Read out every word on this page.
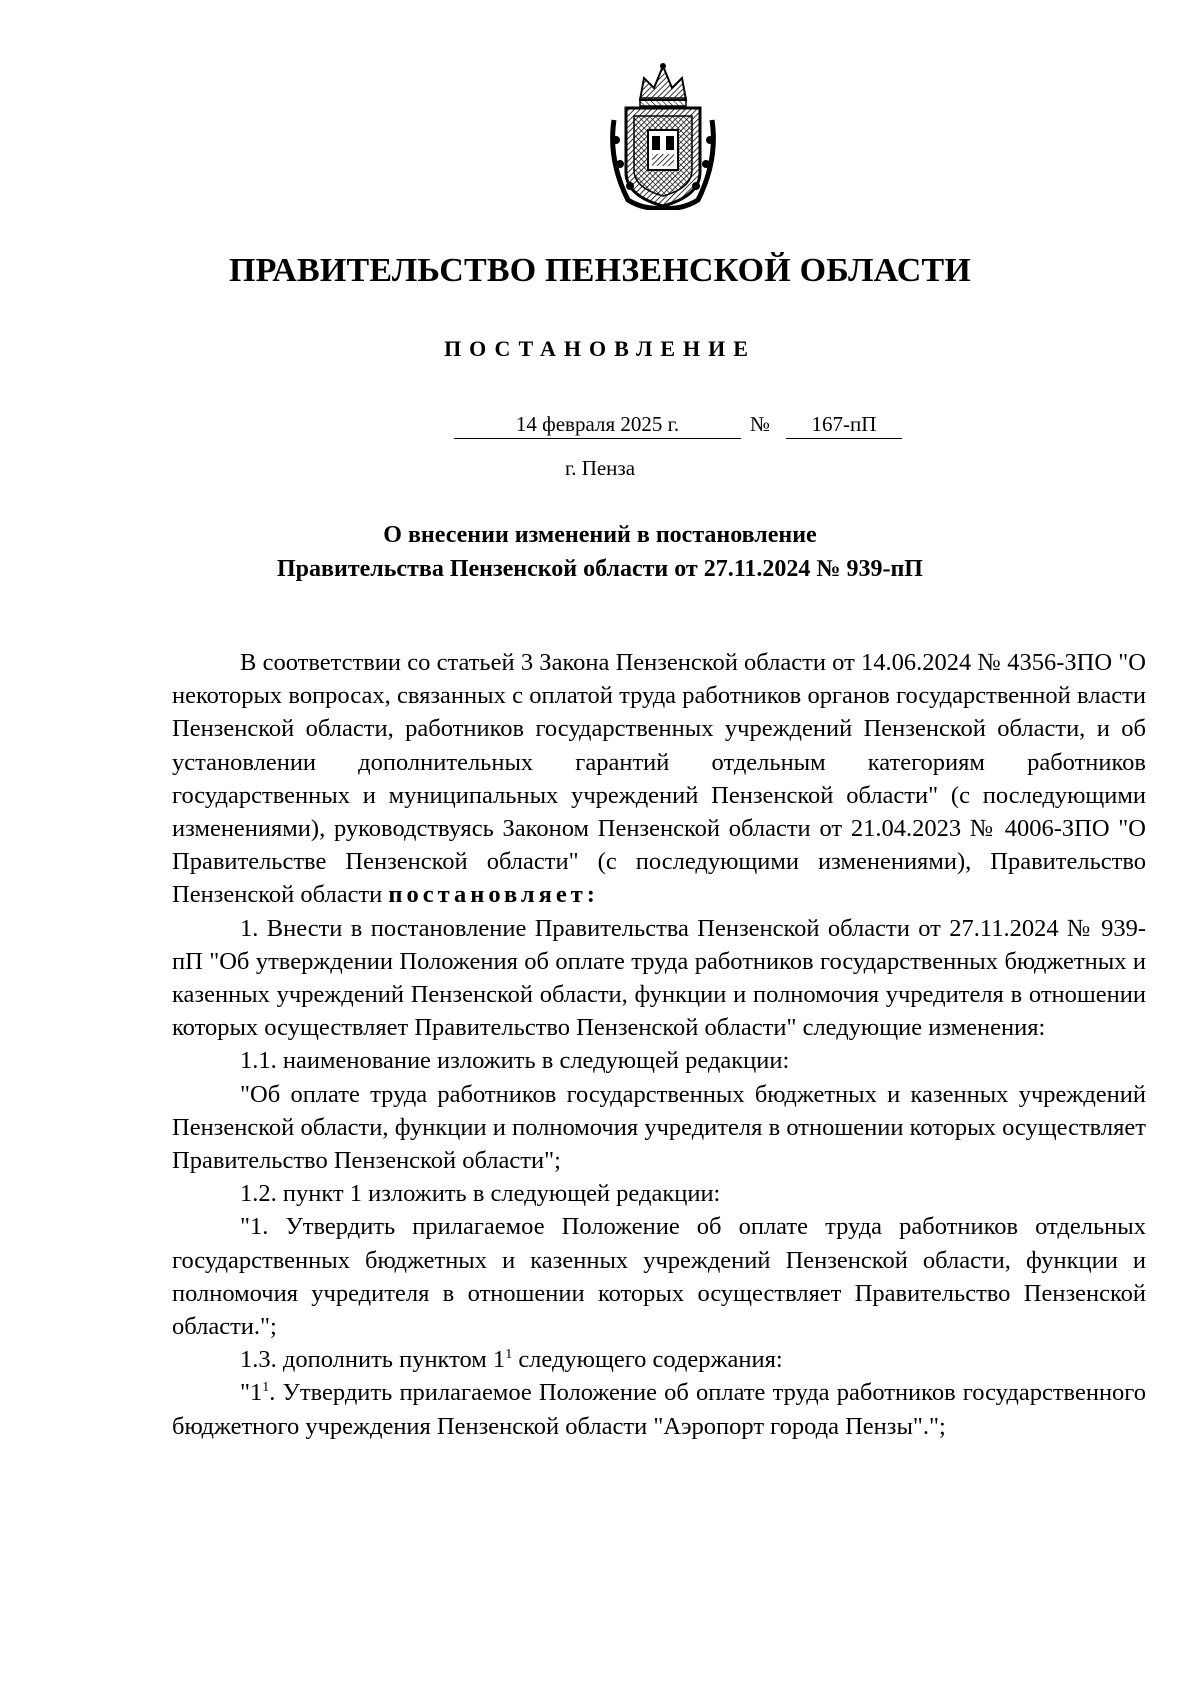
ПРАВИТЕЛЬСТВО ПЕНЗЕНСКОЙ ОБЛАСТИ
ПОСТАНОВЛЕНИЕ
14 февраля 2025 г.	№	167-пП
г. Пенза
О внесении изменений в постановление
Правительства Пензенской области от 27.11.2024 № 939-пП

В соответствии со статьей 3 Закона Пензенской области от 14.06.2024 № 4356-ЗПО "О некоторых вопросах, связанных с оплатой труда работников органов государственной власти Пензенской области, работников государственных учреждений Пензенской области, и об установлении дополнительных гарантий отдельным категориям работников государственных и муниципальных учреждений Пензенской области" (с последующими изменениями), руководствуясь Законом Пензенской области от 21.04.2023 № 4006-ЗПО "О Правительстве Пензенской области" (с последующими изменениями), Правительство Пензенской области постановляет:

1. Внести в постановление Правительства Пензенской области от 27.11.2024 № 939-пП "Об утверждении Положения об оплате труда работников государственных бюджетных и казенных учреждений Пензенской области, функции и полномочия учредителя в отношении которых осуществляет Правительство Пензенской области" следующие изменения:

1.1. наименование изложить в следующей редакции:

"Об оплате труда работников государственных бюджетных и казенных учреждений Пензенской области, функции и полномочия учредителя в отношении которых осуществляет Правительство Пензенской области";

1.2. пункт 1 изложить в следующей редакции:

"1. Утвердить прилагаемое Положение об оплате труда работников отдельных государственных бюджетных и казенных учреждений Пензенской области, функции и полномочия учредителя в отношении которых осуществляет Правительство Пензенской области.";

1.3. дополнить пунктом $1^1$ следующего содержания:

"$1^1$. Утвердить прилагаемое Положение об оплате труда работников государственного бюджетного учреждения Пензенской области "Аэропорт города Пензы".";
